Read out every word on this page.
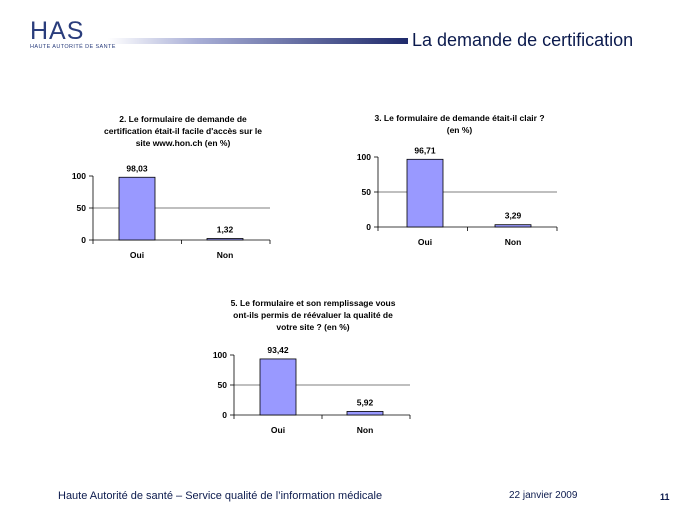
HAS
HAUTE AUTORITÉ DE SANTÉ	La demande de certification
2. Le formulaire de demande de
certification était-il facile d'accès sur le
site www.hon.ch (en %)
0
50
100
98,03
Oui
1,32
Non
3. Le formulaire de demande était-il clair ?
(en %)
0
50
100
96,71
Oui
3,29
Non
5. Le formulaire et son remplissage vous
ont-ils permis de réévaluer la qualité de
votre site ? (en %)
0
50
100
93,42
Oui
5,92
Non
Haute Autorité de santé – Service qualité de l’information médicale	22 janvier 2009	11
